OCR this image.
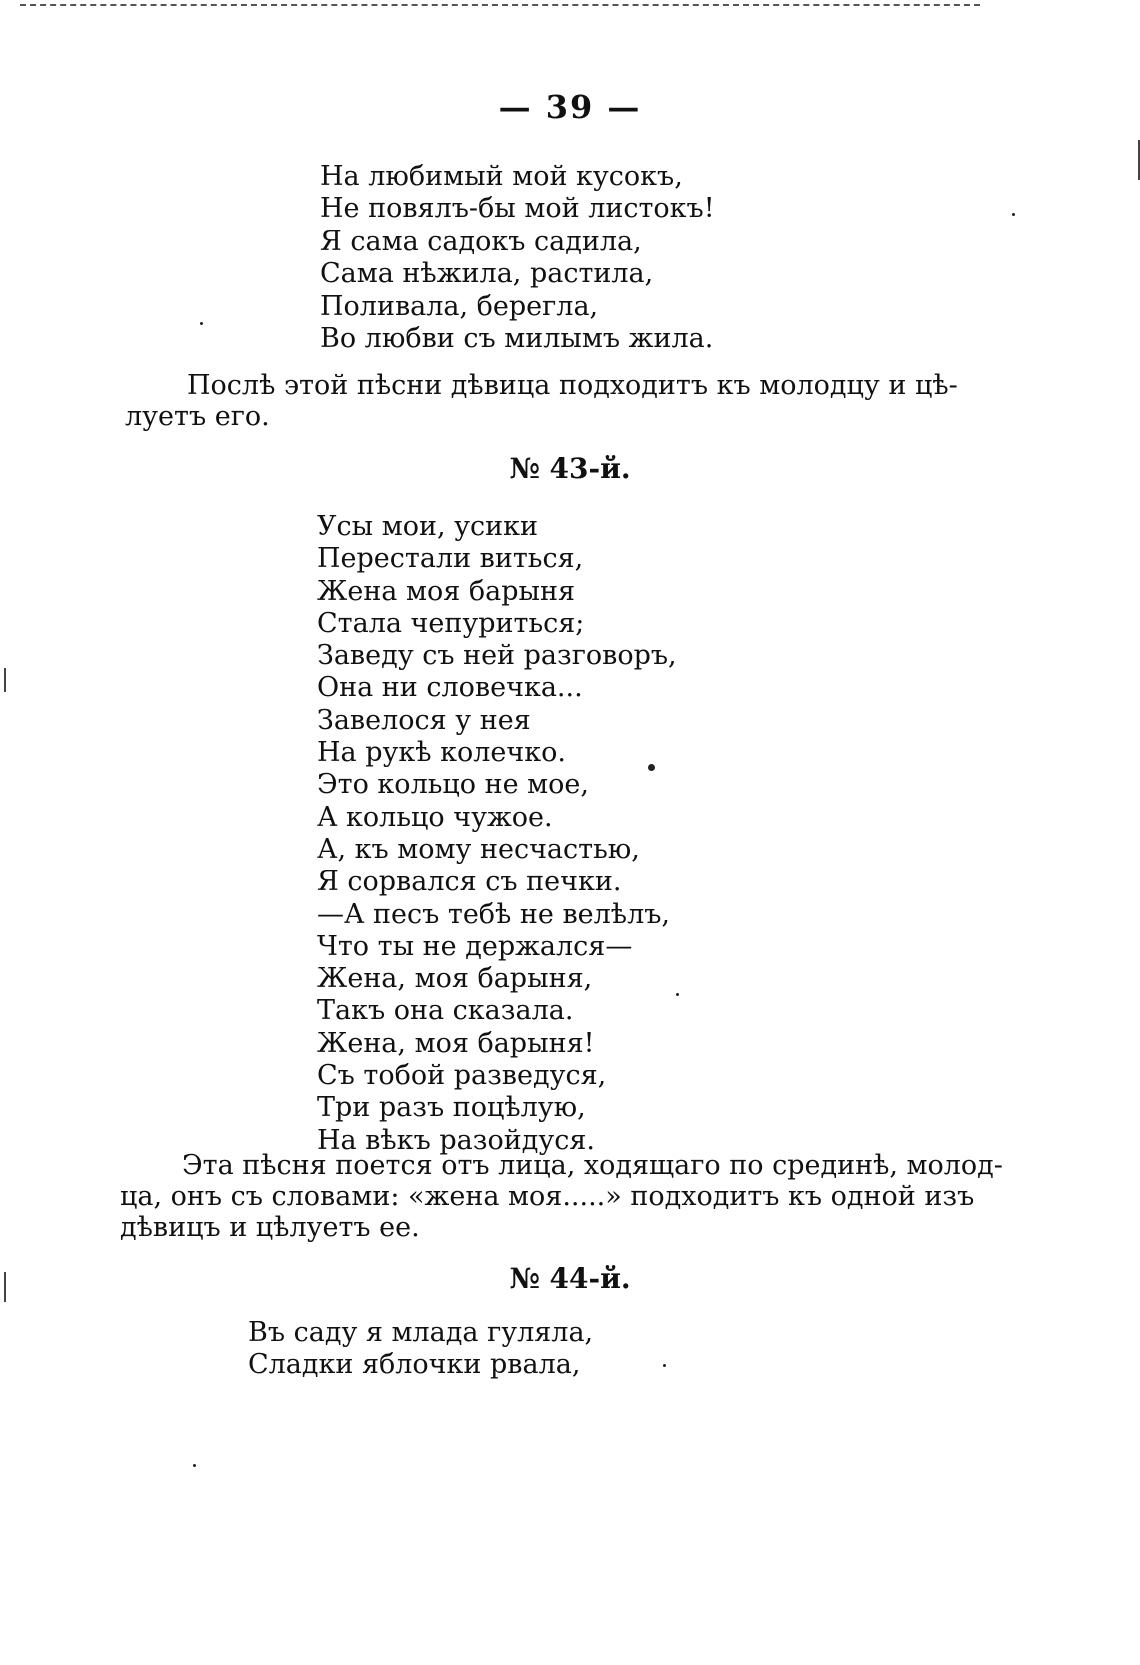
— 39 —
На любимый мой кусокъ,
Не повялъ-бы мой листокъ!
Я сама садокъ садила,
Сама нѣжила, растила,
Поливала, берегла,
Во любви съ милымъ жила.
Послѣ этой пѣсни дѣвица подходитъ къ молодцу и цѣ-
луетъ его.
№ 43-й.
Усы мои, усики
Перестали виться,
Жена моя барыня
Стала чепуриться;
Заведу съ ней разговоръ,
Она ни словечка...
Завелося у нея
На рукѣ колечко.
Это кольцо не мое,
А кольцо чужое.
А, къ мому несчастью,
Я сорвался съ печки.
—А песъ тебѣ не велѣлъ,
Что ты не держался—
Жена, моя барыня,
Такъ она сказала.
Жена, моя барыня!
Съ тобой разведуся,
Три разъ поцѣлую,
На вѣкъ разойдуся.
Эта пѣсня поется отъ лица, ходящаго по срединѣ, молод-
ца, онъ съ словами: «жена моя.....» подходитъ къ одной изъ
дѣвицъ и цѣлуетъ ее.
№ 44-й.
Въ саду я млада гуляла,
Сладки яблочки рвала,
